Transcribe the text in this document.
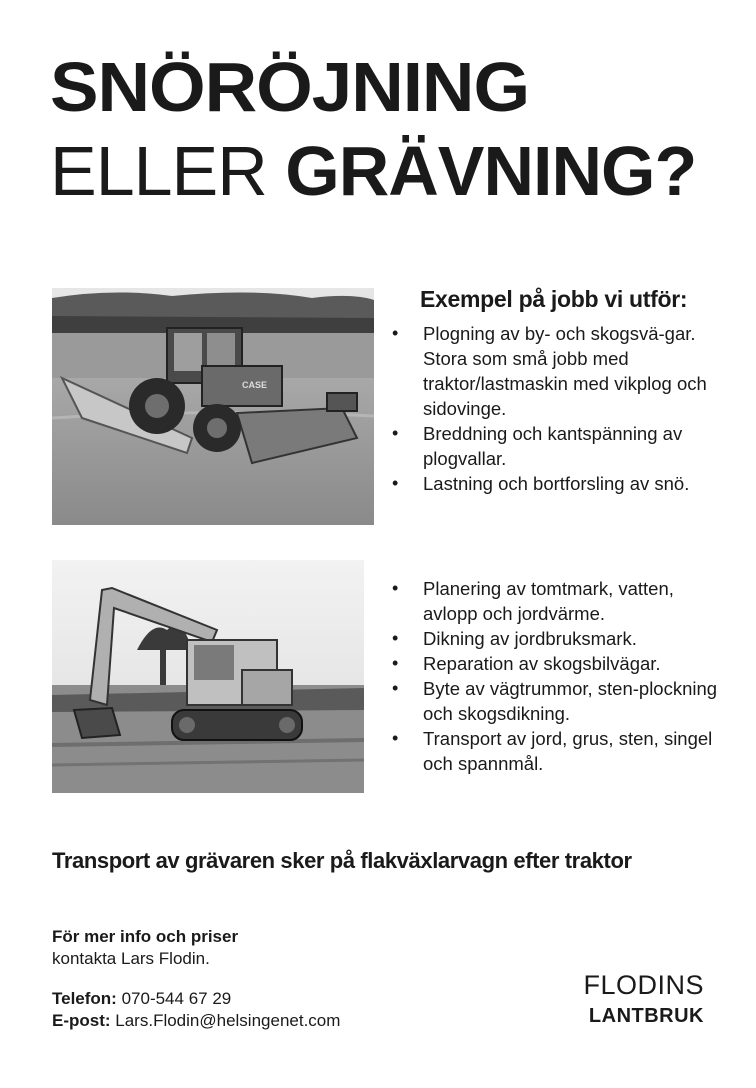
SNÖRÖJNING
ELLER GRÄVNING?
CASE
Exempel på jobb vi utför:
• Plogning av by- och skogsvä-gar. Stora som små jobb med traktor/lastmaskin med vikplog och sidovinge.
• Breddning och kantspänning av plogvallar.
• Lastning och bortforsling av snö.
• Planering av tomtmark, vatten, avlopp och jordvärme.
• Dikning av jordbruksmark.
• Reparation av skogsbilvägar.
• Byte av vägtrummor, sten-plockning och skogsdikning.
• Transport av jord, grus, sten, singel och spannmål.

Transport av grävaren sker på flakväxlarvagn efter traktor

För mer info och priser
kontakta Lars Flodin.
Telefon: 070-544 67 29
E-post: Lars.Flodin@helsingenet.com
FLODINS
LANTBRUK
